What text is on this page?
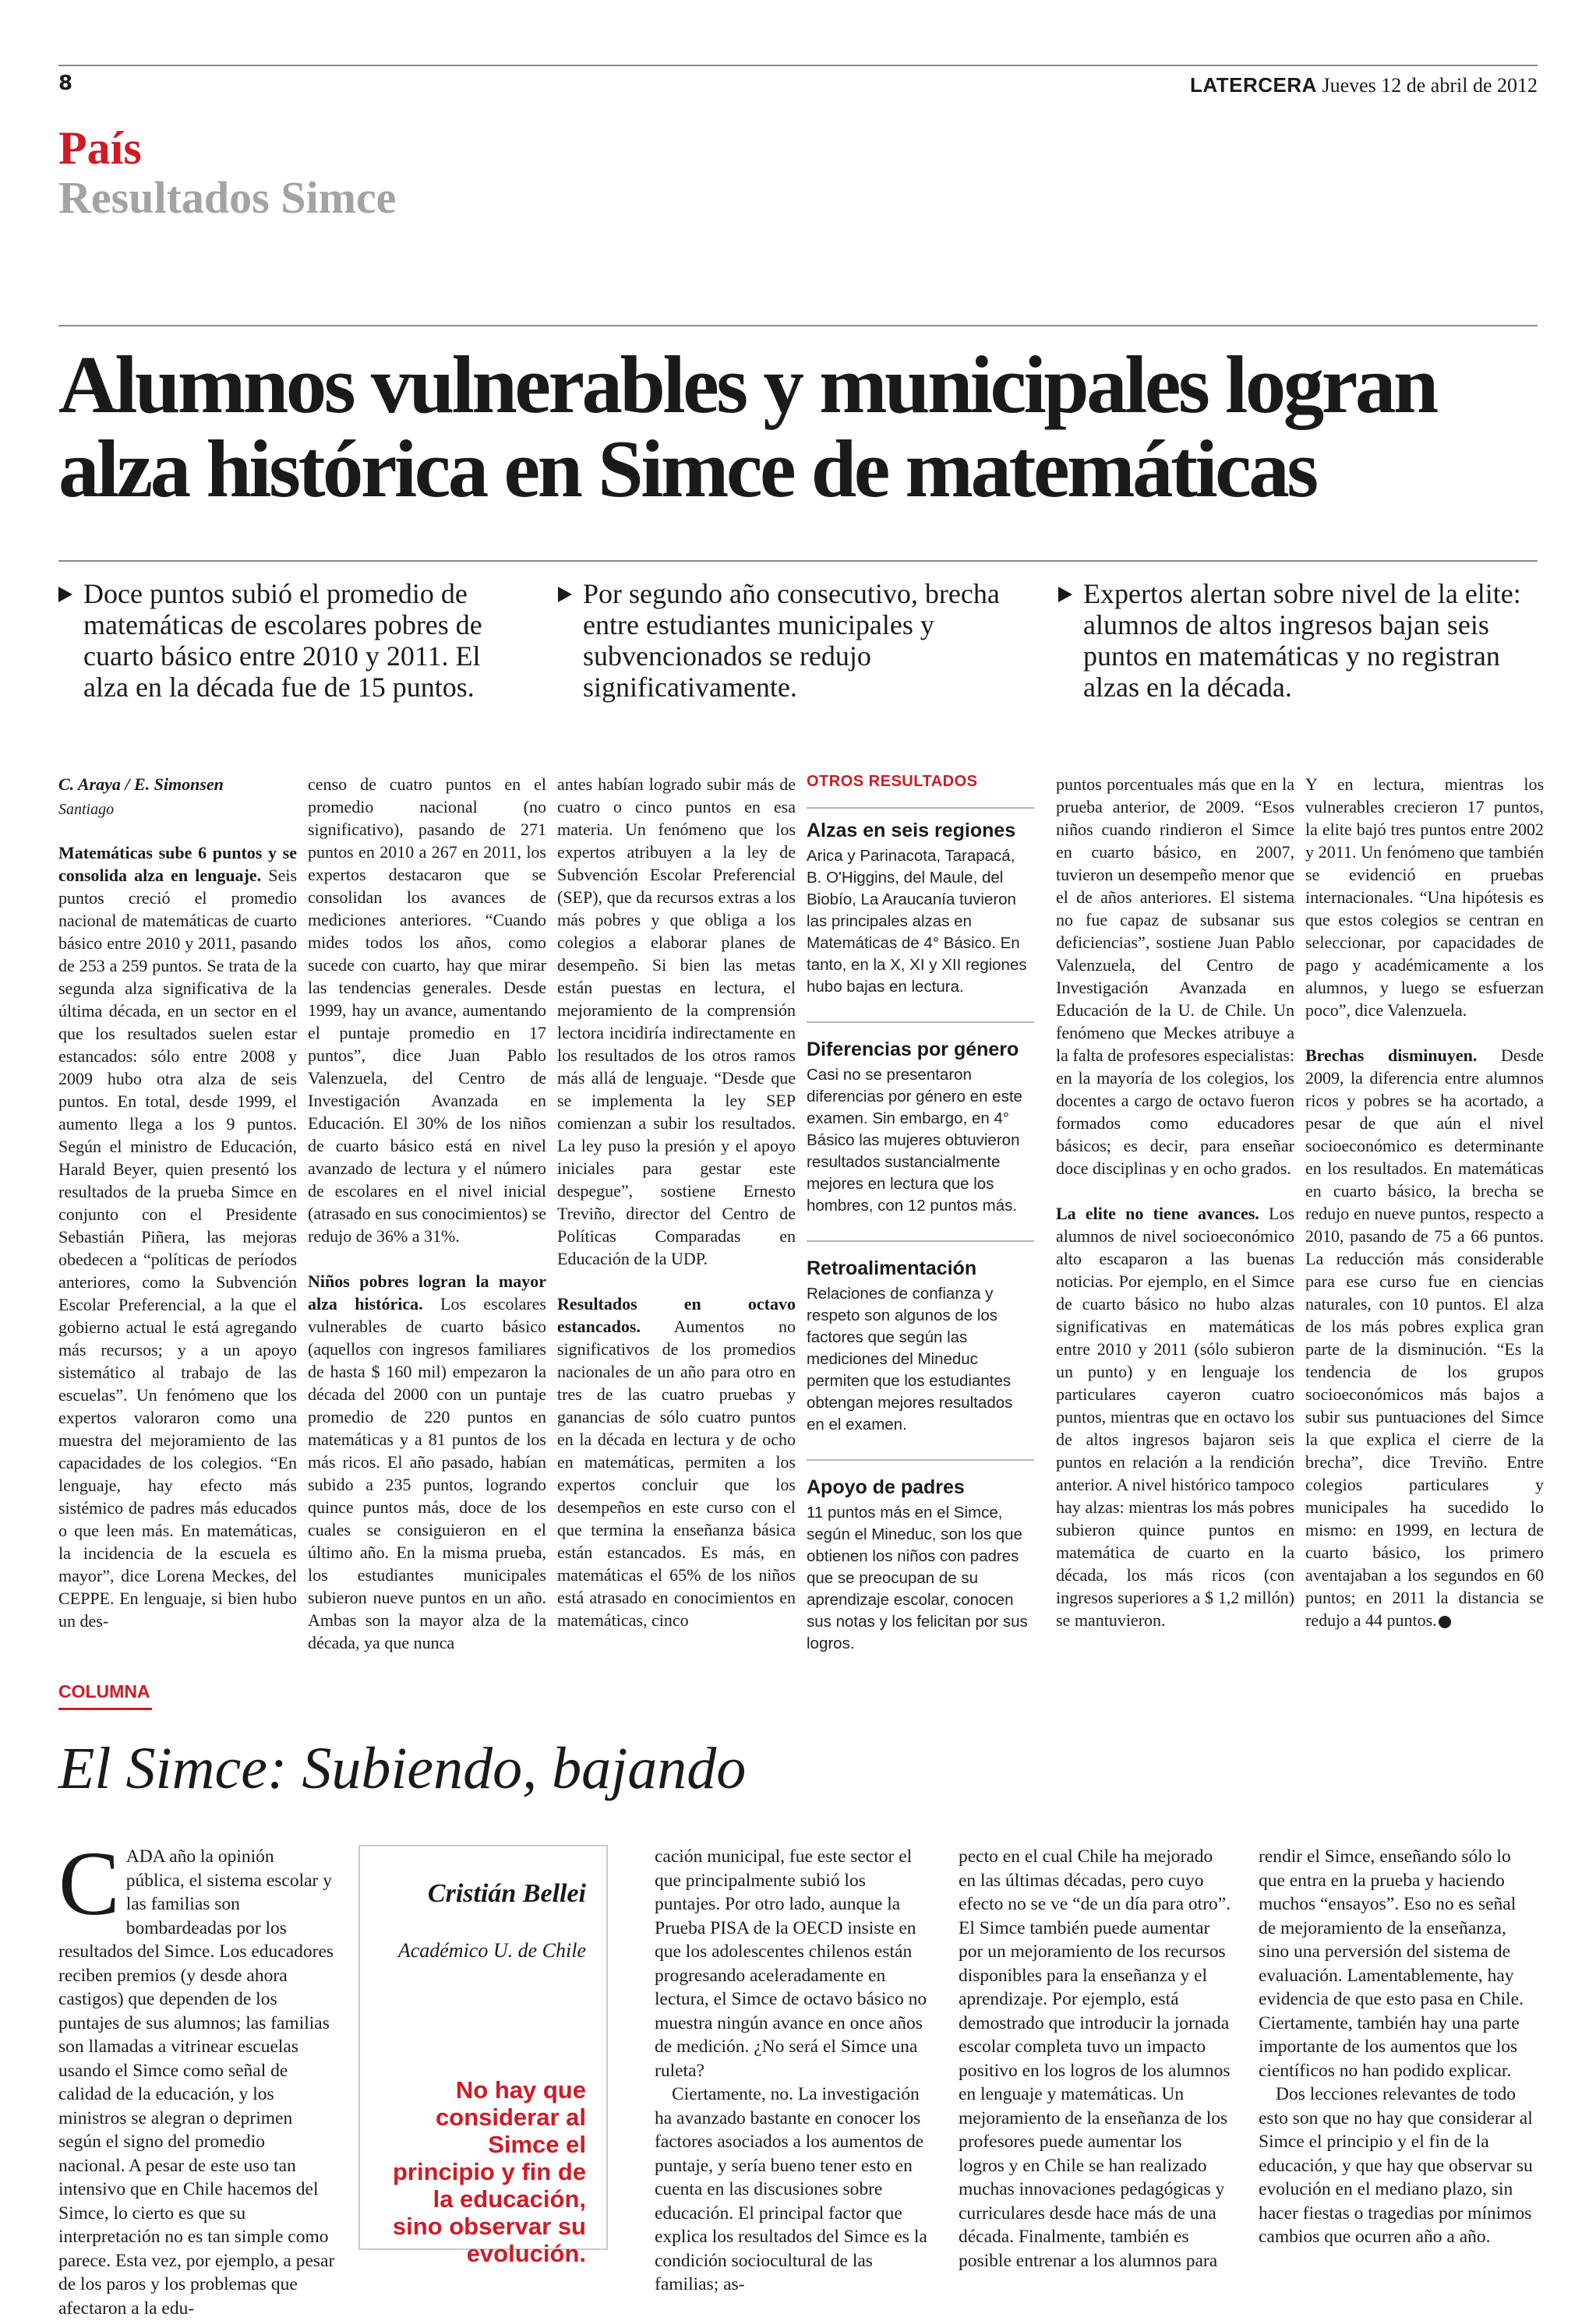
8	LATERCERA Jueves 12 de abril de 2012
País
Resultados Simce
Alumnos vulnerables y municipales logran alza histórica en Simce de matemáticas
Doce puntos subió el promedio de matemáticas de escolares pobres de cuarto básico entre 2010 y 2011. El alza en la década fue de 15 puntos.
Por segundo año consecutivo, brecha entre estudiantes municipales y subvencionados se redujo significativamente.
Expertos alertan sobre nivel de la elite: alumnos de altos ingresos bajan seis puntos en matemáticas y no registran alzas en la década.
C. Araya / E. Simonsen
Santiago

Matemáticas sube 6 puntos y se consolida alza en lenguaje. Seis puntos creció el promedio nacional de matemáticas de cuarto básico entre 2010 y 2011, pasando de 253 a 259 puntos. Se trata de la segunda alza significativa de la última década, en un sector en el que los resultados suelen estar estancados: sólo entre 2008 y 2009 hubo otra alza de seis puntos. En total, desde 1999, el aumento llega a los 9 puntos. Según el ministro de Educación, Harald Beyer, quien presentó los resultados de la prueba Simce en conjunto con el Presidente Sebastián Piñera, las mejoras obedecen a “políticas de períodos anteriores, como la Subvención Escolar Preferencial, a la que el gobierno actual le está agregando más recursos; y a un apoyo sistemático al trabajo de las escuelas”. Un fenómeno que los expertos valoraron como una muestra del mejoramiento de las capacidades de los colegios. “En lenguaje, hay efecto más sistémico de padres más educados o que leen más. En matemáticas, la incidencia de la escuela es mayor”, dice Lorena Meckes, del CEPPE. En lenguaje, si bien hubo un des-

censo de cuatro puntos en el promedio nacional (no significativo), pasando de 271 puntos en 2010 a 267 en 2011, los expertos destacaron que se consolidan los avances de mediciones anteriores. “Cuando mides todos los años, como sucede con cuarto, hay que mirar las tendencias generales. Desde 1999, hay un avance, aumentando el puntaje promedio en 17 puntos”, dice Juan Pablo Valenzuela, del Centro de Investigación Avanzada en Educación. El 30% de los niños de cuarto básico está en nivel avanzado de lectura y el número de escolares en el nivel inicial (atrasado en sus conocimientos) se redujo de 36% a 31%.

Niños pobres logran la mayor alza histórica. Los escolares vulnerables de cuarto básico (aquellos con ingresos familiares de hasta $ 160 mil) empezaron la década del 2000 con un puntaje promedio de 220 puntos en matemáticas y a 81 puntos de los más ricos. El año pasado, habían subido a 235 puntos, logrando quince puntos más, doce de los cuales se consiguieron en el último año. En la misma prueba, los estudiantes municipales subieron nueve puntos en un año. Ambas son la mayor alza de la década, ya que nunca

antes habían logrado subir más de cuatro o cinco puntos en esa materia. Un fenómeno que los expertos atribuyen a la ley de Subvención Escolar Preferencial (SEP), que da recursos extras a los más pobres y que obliga a los colegios a elaborar planes de desempeño. Si bien las metas están puestas en lectura, el mejoramiento de la comprensión lectora incidiría indirectamente en los resultados de los otros ramos más allá de lenguaje. “Desde que se implementa la ley SEP comienzan a subir los resultados. La ley puso la presión y el apoyo iniciales para gestar este despegue”, sostiene Ernesto Treviño, director del Centro de Políticas Comparadas en Educación de la UDP.

Resultados en octavo estancados. Aumentos no significativos de los promedios nacionales de un año para otro en tres de las cuatro pruebas y ganancias de sólo cuatro puntos en la década en lectura y de ocho en matemáticas, permiten a los expertos concluir que los desempeños en este curso con el que termina la enseñanza básica están estancados. Es más, en matemáticas el 65% de los niños está atrasado en conocimientos en matemáticas, cinco

OTROS RESULTADOS
Alzas en seis regiones

Arica y Parinacota, Tarapacá, B. O'Higgins, del Maule, del Biobío, La Araucanía tuvieron las principales alzas en Matemáticas de 4° Básico. En tanto, en la X, XI y XII regiones hubo bajas en lectura.

Diferencias por género

Casi no se presentaron diferencias por género en este examen. Sin embargo, en 4° Básico las mujeres obtuvieron resultados sustancialmente mejores en lectura que los hombres, con 12 puntos más.

Retroalimentación

Relaciones de confianza y respeto son algunos de los factores que según las mediciones del Mineduc permiten que los estudiantes obtengan mejores resultados en el examen.

Apoyo de padres

11 puntos más en el Simce, según el Mineduc, son los que obtienen los niños con padres que se preocupan de su aprendizaje escolar, conocen sus notas y los felicitan por sus logros.

puntos porcentuales más que en la prueba anterior, de 2009. “Esos niños cuando rindieron el Simce en cuarto básico, en 2007, tuvieron un desempeño menor que el de años anteriores. El sistema no fue capaz de subsanar sus deficiencias”, sostiene Juan Pablo Valenzuela, del Centro de Investigación Avanzada en Educación de la U. de Chile. Un fenómeno que Meckes atribuye a la falta de profesores especialistas: en la mayoría de los colegios, los docentes a cargo de octavo fueron formados como educadores básicos; es decir, para enseñar doce disciplinas y en ocho grados.

La elite no tiene avances. Los alumnos de nivel socioeconómico alto escaparon a las buenas noticias. Por ejemplo, en el Simce de cuarto básico no hubo alzas significativas en matemáticas entre 2010 y 2011 (sólo subieron un punto) y en lenguaje los particulares cayeron cuatro puntos, mientras que en octavo los de altos ingresos bajaron seis puntos en relación a la rendición anterior. A nivel histórico tampoco hay alzas: mientras los más pobres subieron quince puntos en matemática de cuarto en la década, los más ricos (con ingresos superiores a $ 1,2 millón) se mantuvieron.

Y en lectura, mientras los vulnerables crecieron 17 puntos, la elite bajó tres puntos entre 2002 y 2011. Un fenómeno que también se evidenció en pruebas internacionales. “Una hipótesis es que estos colegios se centran en seleccionar, por capacidades de pago y académicamente a los alumnos, y luego se esfuerzan poco”, dice Valenzuela.

Brechas disminuyen. Desde 2009, la diferencia entre alumnos ricos y pobres se ha acortado, a pesar de que aún el nivel socioeconómico es determinante en los resultados. En matemáticas en cuarto básico, la brecha se redujo en nueve puntos, respecto a 2010, pasando de 75 a 66 puntos. La reducción más considerable para ese curso fue en ciencias naturales, con 10 puntos. El alza de los más pobres explica gran parte de la disminución. “Es la tendencia de los grupos socioeconómicos más bajos a subir sus puntuaciones del Simce la que explica el cierre de la brecha”, dice Treviño. Entre colegios particulares y municipales ha sucedido lo mismo: en 1999, en lectura de cuarto básico, los primero aventajaban a los segundos en 60 puntos; en 2011 la distancia se redujo a 44 puntos.

COLUMNA
El Simce: Subiendo, bajando
C ADA año la opinión pública, el sistema escolar y las familias son bombardeadas por los resultados del Simce. Los educadores reciben premios (y desde ahora castigos) que dependen de los puntajes de sus alumnos; las familias son llamadas a vitrinear escuelas usando el Simce como señal de calidad de la educación, y los ministros se alegran o deprimen según el signo del promedio nacional. A pesar de este uso tan intensivo que en Chile hacemos del Simce, lo cierto es que su interpretación no es tan simple como parece. Esta vez, por ejemplo, a pesar de los paros y los problemas que afectaron a la edu-

Cristián Bellei
Académico U. de Chile
No hay que considerar al Simce el principio y fin de la educación, sino observar su evolución.

cación municipal, fue este sector el que principalmente subió los puntajes. Por otro lado, aunque la Prueba PISA de la OECD insiste en que los adolescentes chilenos están progresando aceleradamente en lectura, el Simce de octavo básico no muestra ningún avance en once años de medición. ¿No será el Simce una ruleta?

Ciertamente, no. La investigación ha avanzado bastante en conocer los factores asociados a los aumentos de puntaje, y sería bueno tener esto en cuenta en las discusiones sobre educación. El principal factor que explica los resultados del Simce es la condición sociocultural de las familias; as-

pecto en el cual Chile ha mejorado en las últimas décadas, pero cuyo efecto no se ve “de un día para otro”. El Simce también puede aumentar por un mejoramiento de los recursos disponibles para la enseñanza y el aprendizaje. Por ejemplo, está demostrado que introducir la jornada escolar completa tuvo un impacto positivo en los logros de los alumnos en lenguaje y matemáticas. Un mejoramiento de la enseñanza de los profesores puede aumentar los logros y en Chile se han realizado muchas innovaciones pedagógicas y curriculares desde hace más de una década. Finalmente, también es posible entrenar a los alumnos para

rendir el Simce, enseñando sólo lo que entra en la prueba y haciendo muchos “ensayos”. Eso no es señal de mejoramiento de la enseñanza, sino una perversión del sistema de evaluación. Lamentablemente, hay evidencia de que esto pasa en Chile. Ciertamente, también hay una parte importante de los aumentos que los científicos no han podido explicar.

Dos lecciones relevantes de todo esto son que no hay que considerar al Simce el principio y el fin de la educación, y que hay que observar su evolución en el mediano plazo, sin hacer fiestas o tragedias por mínimos cambios que ocurren año a año.
